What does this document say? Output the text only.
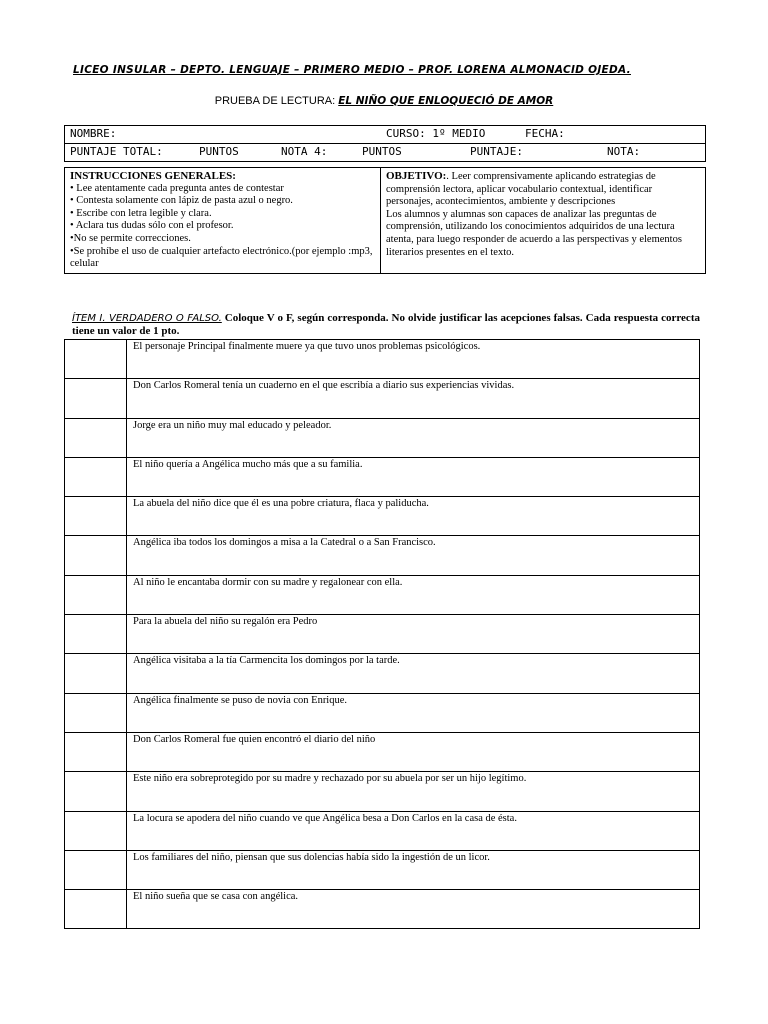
LICEO INSULAR – DEPTO. LENGUAJE – PRIMERO MEDIO – PROF. LORENA ALMONACID OJEDA.
PRUEBA DE LECTURA: EL NIÑO QUE ENLOQUECIÓ DE AMOR
NOMBRE:	CURSO: 1º MEDIO	FECHA:

PUNTAJE TOTAL:	PUNTOS	NOTA 4:	PUNTOS	PUNTAJE:	NOTA:
INSTRUCCIONES GENERALES:
• Lee atentamente cada pregunta antes de contestar
• Contesta solamente con lápiz de pasta azul o negro.
• Escribe con letra legible y clara.
• Aclara tus dudas sólo con el profesor.
•No se permite correcciones.
•Se prohíbe el uso de cualquier artefacto electrónico.(por ejemplo :mp3, celular

OBJETIVO:. Leer comprensivamente aplicando estrategias de comprensión lectora, aplicar vocabulario contextual, identificar personajes, acontecimientos, ambiente y descripciones
Los alumnos y alumnas son capaces de analizar las preguntas de comprensión, utilizando los conocimientos adquiridos de una lectura atenta, para luego responder de acuerdo a las perspectivas y elementos literarios presentes en el texto.
ÍTEM I. VERDADERO O FALSO. Coloque V o F, según corresponda. No olvide justificar las acepciones falsas. Cada respuesta correcta tiene un valor de 1 pto.
	El personaje Principal finalmente muere ya que tuvo unos problemas psicológicos.
	Don Carlos Romeral tenía un cuaderno en el que escribía a diario sus experiencias vividas.
	Jorge era un niño muy mal educado y peleador.
	El niño quería a Angélica mucho más que a su familia.
	La abuela del niño dice que él es una pobre criatura, flaca y paliducha.
	Angélica iba todos los domingos a misa a la Catedral o a San Francisco.
	Al niño le encantaba dormir con su madre y regalonear con ella.
	Para la abuela del niño su regalón era Pedro
	Angélica visitaba a la tía Carmencita los domingos por la tarde.
	Angélica finalmente se puso de novia con Enrique.
	Don Carlos Romeral fue quien encontró el diario del niño
	Este niño era sobreprotegido por su madre y rechazado por su abuela por ser un hijo legítimo.
	La locura se apodera del niño cuando ve que Angélica besa a Don Carlos en la casa de ésta.
	Los familiares del niño, piensan que sus dolencias había sido la ingestión de un licor.
	El niño sueña que se casa con angélica.
